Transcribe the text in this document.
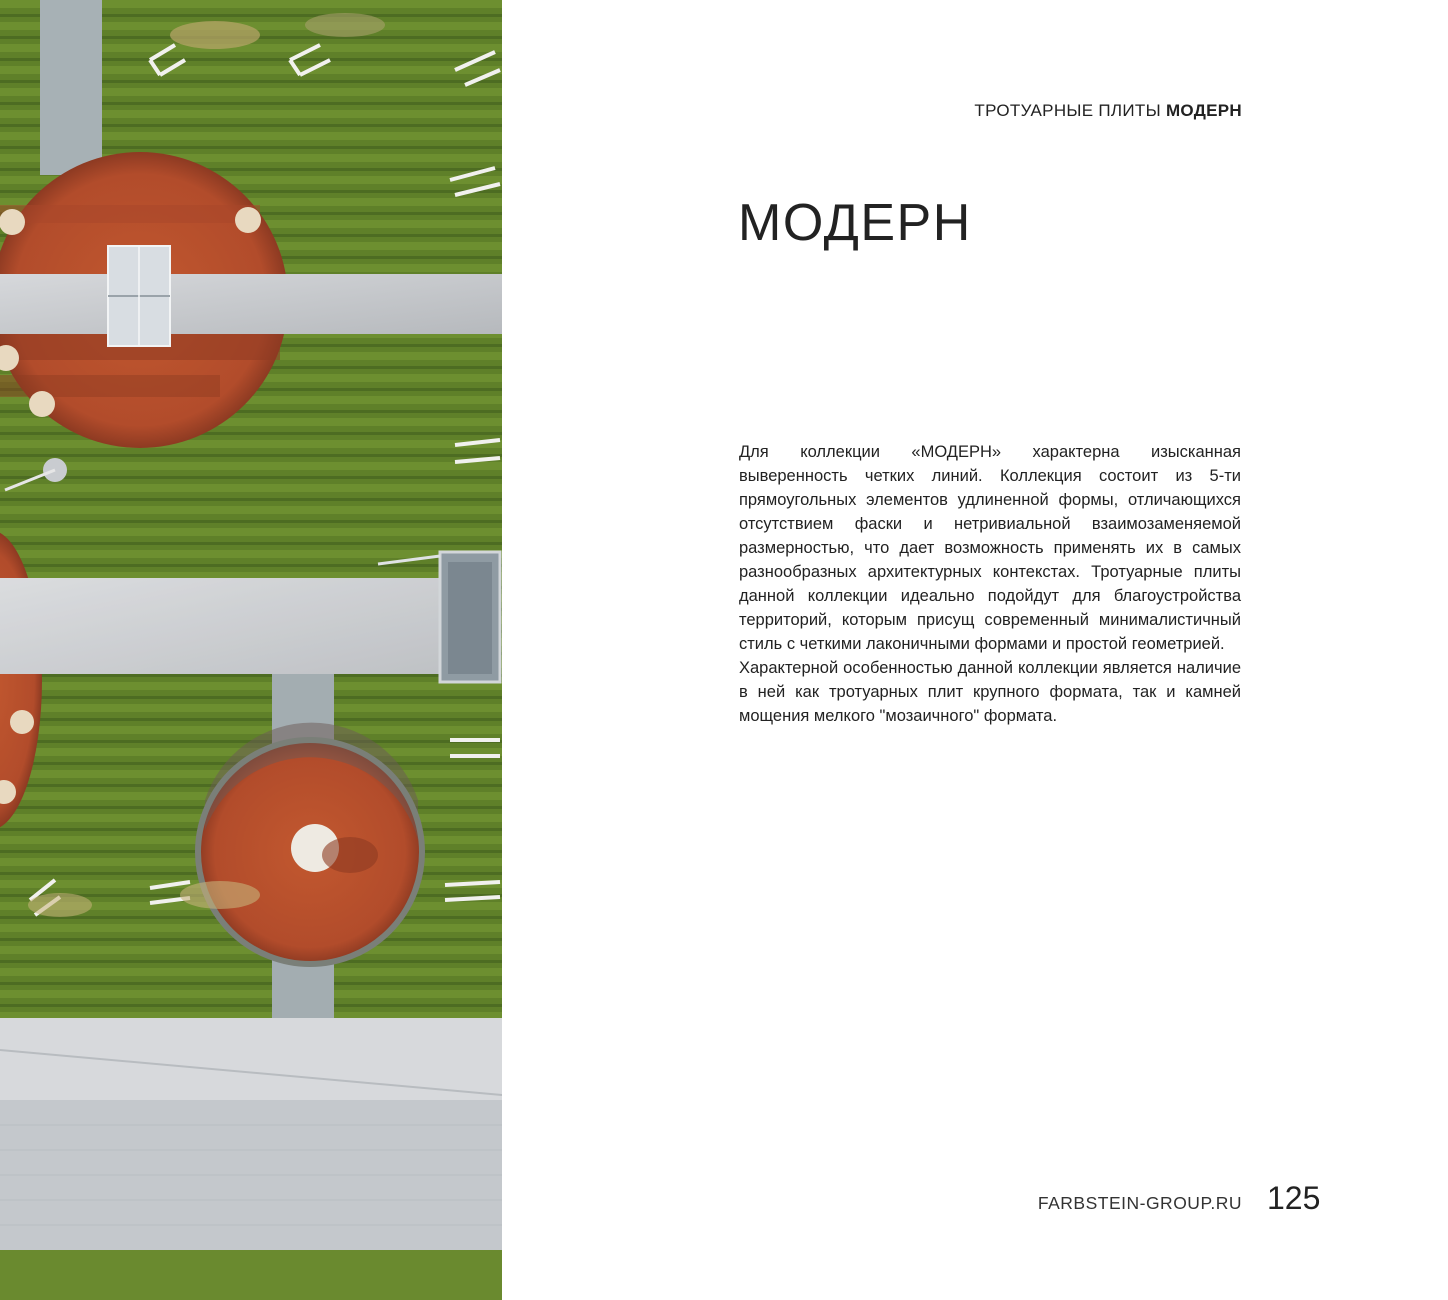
ТРОТУАРНЫЕ ПЛИТЫ МОДЕРН
МОДЕРН

Для коллекции «МОДЕРН» характерна изысканная выверенность четких линий. Коллекция состоит из 5-ти прямоугольных элементов удлиненной формы, отличающихся отсутствием фаски и нетривиальной взаимозаменяемой размерностью, что дает возможность применять их в самых разнообразных архитектурных контекстах. Тротуарные плиты данной коллекции идеально подойдут для благоустройства территорий, которым присущ современный минималистичный стиль с четкими лаконичными формами и простой геометрией.

Характерной особенностью данной коллекции является наличие в ней как тротуарных плит крупного формата, так и камней мощения мелкого "мозаичного" формата.

FARBSTEIN-GROUP.RU 125
